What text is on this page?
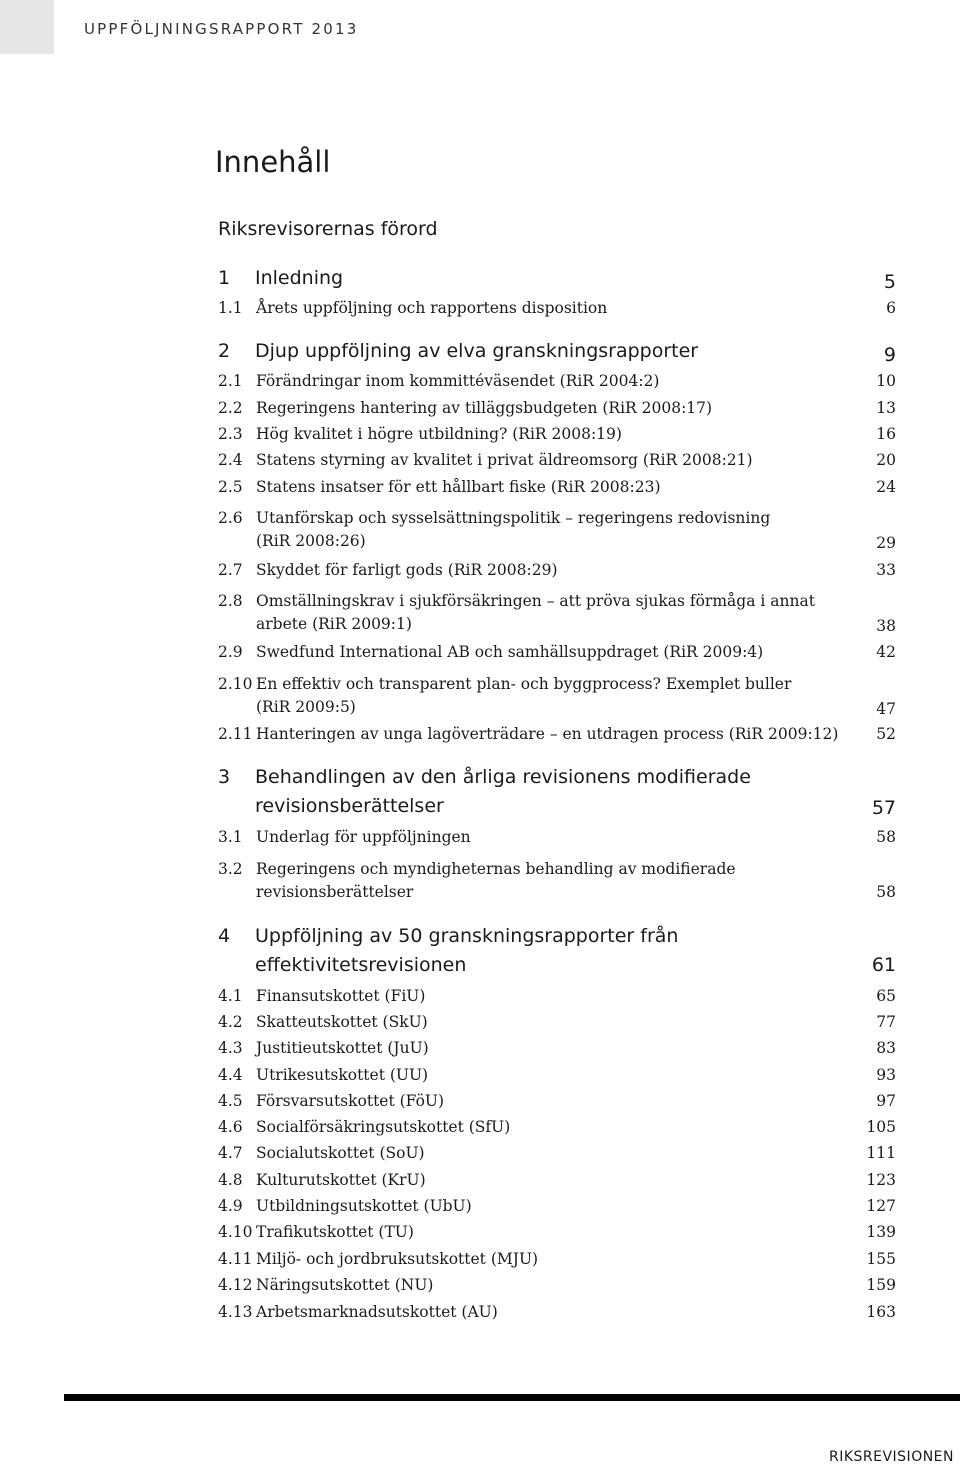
UPPFÖLJNINGSRAPPORT 2013
Innehåll
Riksrevisorernas förord
1 Inledning	5
1.1 Årets uppföljning och rapportens disposition	6
2 Djup uppföljning av elva granskningsrapporter	9
2.1 Förändringar inom kommittéväsendet (RiR 2004:2)	10
2.2 Regeringens hantering av tilläggsbudgeten (RiR 2008:17)	13
2.3 Hög kvalitet i högre utbildning? (RiR 2008:19)	16
2.4 Statens styrning av kvalitet i privat äldreomsorg (RiR 2008:21)	20
2.5 Statens insatser för ett hållbart fiske (RiR 2008:23)	24
2.6 Utanförskap och sysselsättningspolitik – regeringens redovisning
(RiR 2008:26)	29
2.7 Skyddet för farligt gods (RiR 2008:29)	33
2.8 Omställningskrav i sjukförsäkringen – att pröva sjukas förmåga i annat
arbete (RiR 2009:1)	38
2.9 Swedfund International AB och samhällsuppdraget (RiR 2009:4)	42
2.10 En effektiv och transparent plan- och byggprocess? Exemplet buller
(RiR 2009:5)	47
2.11 Hanteringen av unga lagöverträdare – en utdragen process (RiR 2009:12) 52
3 Behandlingen av den årliga revisionens modifierade
revisionsberättelser	57
3.1 Underlag för uppföljningen	58
3.2 Regeringens och myndigheternas behandling av modifierade
revisionsberättelser	58
4 Uppföljning av 50 granskningsrapporter från
effektivitetsrevisionen	61
4.1 Finansutskottet (FiU)	65
4.2 Skatteutskottet (SkU)	77
4.3 Justitieutskottet (JuU)	83
4.4 Utrikesutskottet (UU)	93
4.5 Försvarsutskottet (FöU)	97
4.6 Socialförsäkringsutskottet (SfU)	105
4.7 Socialutskottet (SoU)	111
4.8 Kulturutskottet (KrU)	123
4.9 Utbildningsutskottet (UbU)	127
4.10 Trafikutskottet (TU)	139
4.11 Miljö- och jordbruksutskottet (MJU)	155
4.12 Näringsutskottet (NU)	159
4.13 Arbetsmarknadsutskottet (AU)	163
RIKSREVISIONEN
